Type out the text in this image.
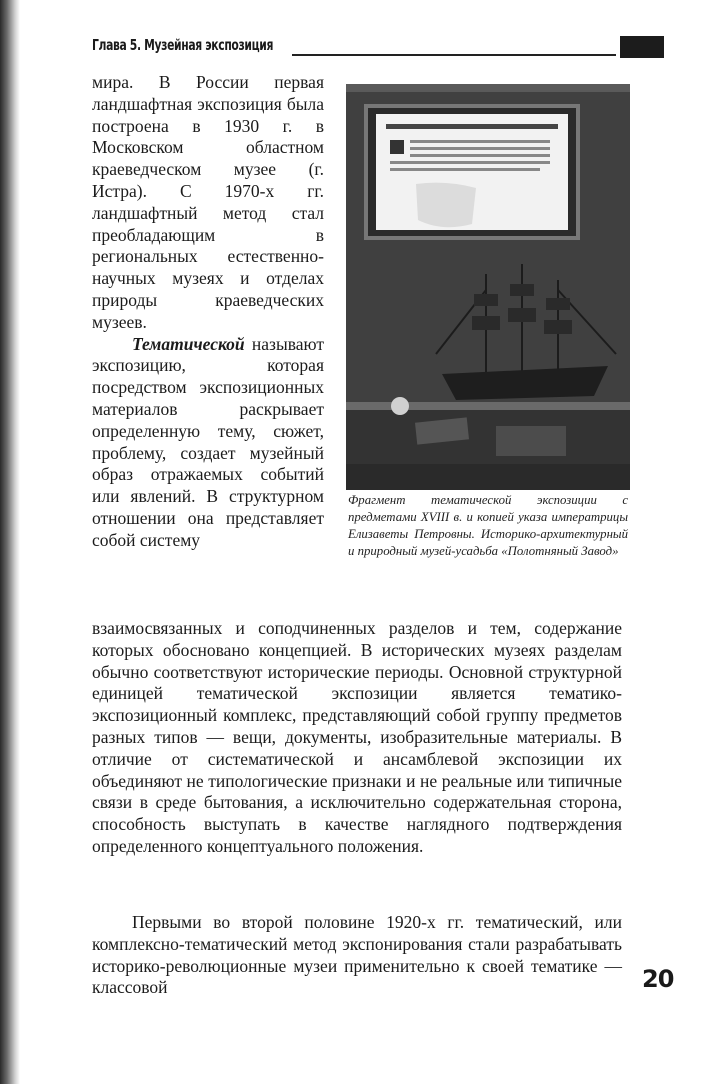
Глава 5. Музейная экспозиция
мира. В России первая ландшафтная экспозиция была построена в 1930 г. в Московском областном краеведческом музее (г. Истра). С 1970-х гг. ландшафтный метод стал преобладающим в региональных естественно-научных музеях и отделах природы краеведческих музеев.
Тематической называют экспозицию, которая посредством экспозиционных материалов раскрывает определенную тему, сюжет, проблему, создает музейный образ отражаемых событий или явлений. В структурном отношении она представляет собой систему
Фрагмент тематической экспозиции с предметами XVIII в. и копией указа императрицы Елизаветы Петровны. Историко-архитектурный и природный музей-усадьба «Полотняный Завод»
взаимосвязанных и соподчиненных разделов и тем, содержание которых обосновано концепцией. В исторических музеях разделам обычно соответствуют исторические периоды. Основной структурной единицей тематической экспозиции является тематико-экспозиционный комплекс, представляющий собой группу предметов разных типов — вещи, документы, изобразительные материалы. В отличие от систематической и ансамблевой экспозиции их объединяют не типологические признаки и не реальные или типичные связи в среде бытования, а исключительно содержательная сторона, способность выступать в качестве наглядного подтверждения определенного концептуального положения.
Первыми во второй половине 1920-х гг. тематический, или комплексно-тематический метод экспонирования стали разрабатывать историко-революционные музеи применительно к своей тематике — классовой	20
